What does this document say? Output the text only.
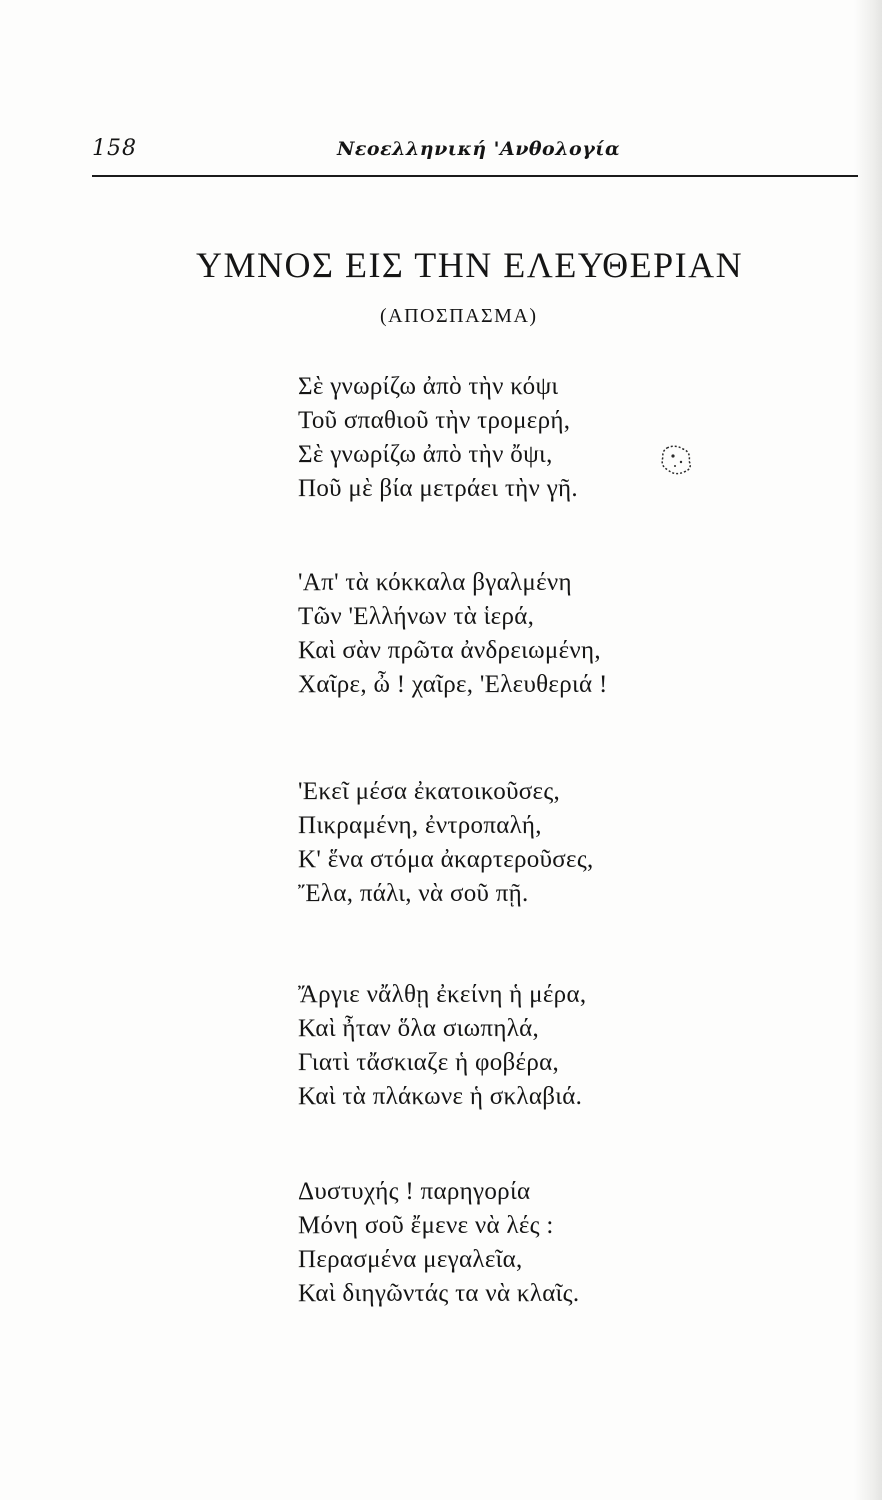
158	Νεοελληνική 'Ανθολογία
ΥΜΝΟΣ ΕΙΣ ΤΗΝ ΕΛΕΥΘΕΡΙΑΝ
(ΑΠΟΣΠΑΣΜΑ)
Σὲ γνωρίζω ἀπὸ τὴν κόψι
Τοῦ σπαθιοῦ τὴν τρομερή,
Σὲ γνωρίζω ἀπὸ τὴν ὄψι,
Ποῦ μὲ βία μετράει τὴν γῆ.
'Απ' τὰ κόκκαλα βγαλμένη
Τῶν 'Ελλήνων τὰ ἱερά,
Καὶ σὰν πρῶτα ἀνδρειωμένη,
Χαῖρε, ὦ ! χαῖρε, 'Ελευθεριά !
'Εκεῖ μέσα ἐκατοικοῦσες,
Πικραμένη, ἐντροπαλή,
Κ' ἕνα στόμα ἀκαρτεροῦσες,
Ἔλα, πάλι, νὰ σοῦ πῇ.
Ἄργιε νἄλθῃ ἐκείνη ἡ μέρα,
Καὶ ἦταν ὅλα σιωπηλά,
Γιατὶ τἄσκιαζε ἡ φοβέρα,
Καὶ τὰ πλάκωνε ἡ σκλαβιά.
Δυστυχής ! παρηγορία
Μόνη σοῦ ἔμενε νὰ λές :
Περασμένα μεγαλεῖα,
Καὶ διηγῶντάς τα νὰ κλαῖς.
